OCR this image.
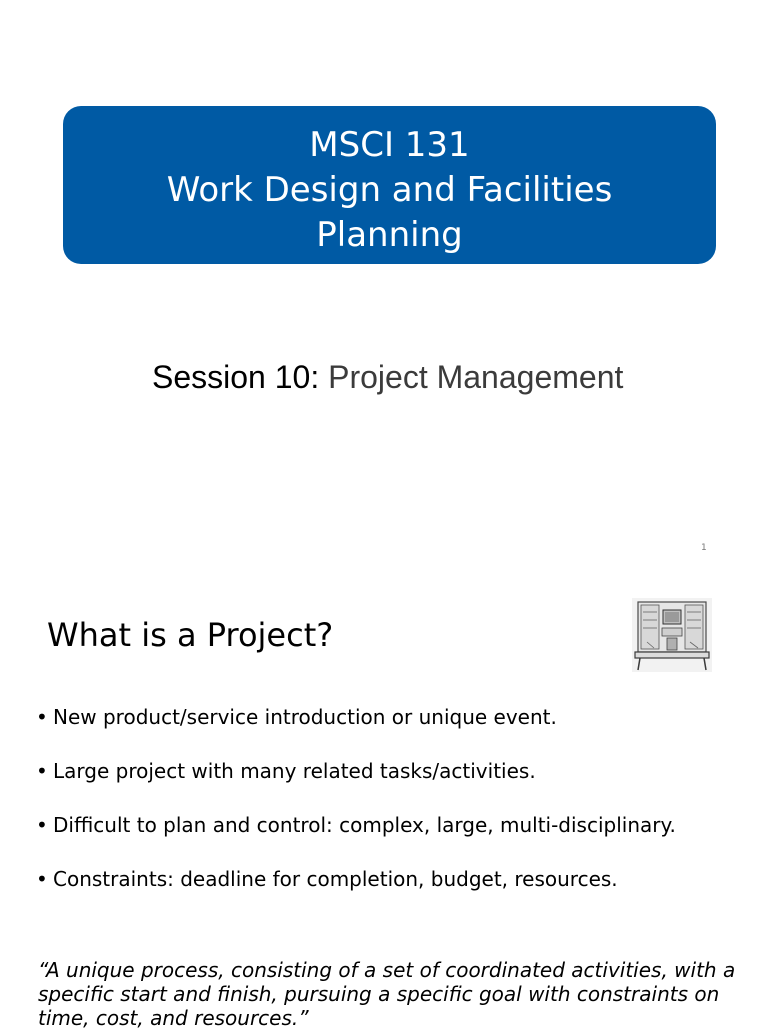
MSCI 131
Work Design and Facilities
Planning
Session 10: Project Management
1
What is a Project?
• New product/service introduction or unique event.
• Large project with many related tasks/activities.
• Difficult to plan and control: complex, large, multi-disciplinary.
• Constraints: deadline for completion, budget, resources.
“A unique process, consisting of a set of coordinated activities, with a specific start and finish, pursuing a specific goal with constraints on time, cost, and resources.”
